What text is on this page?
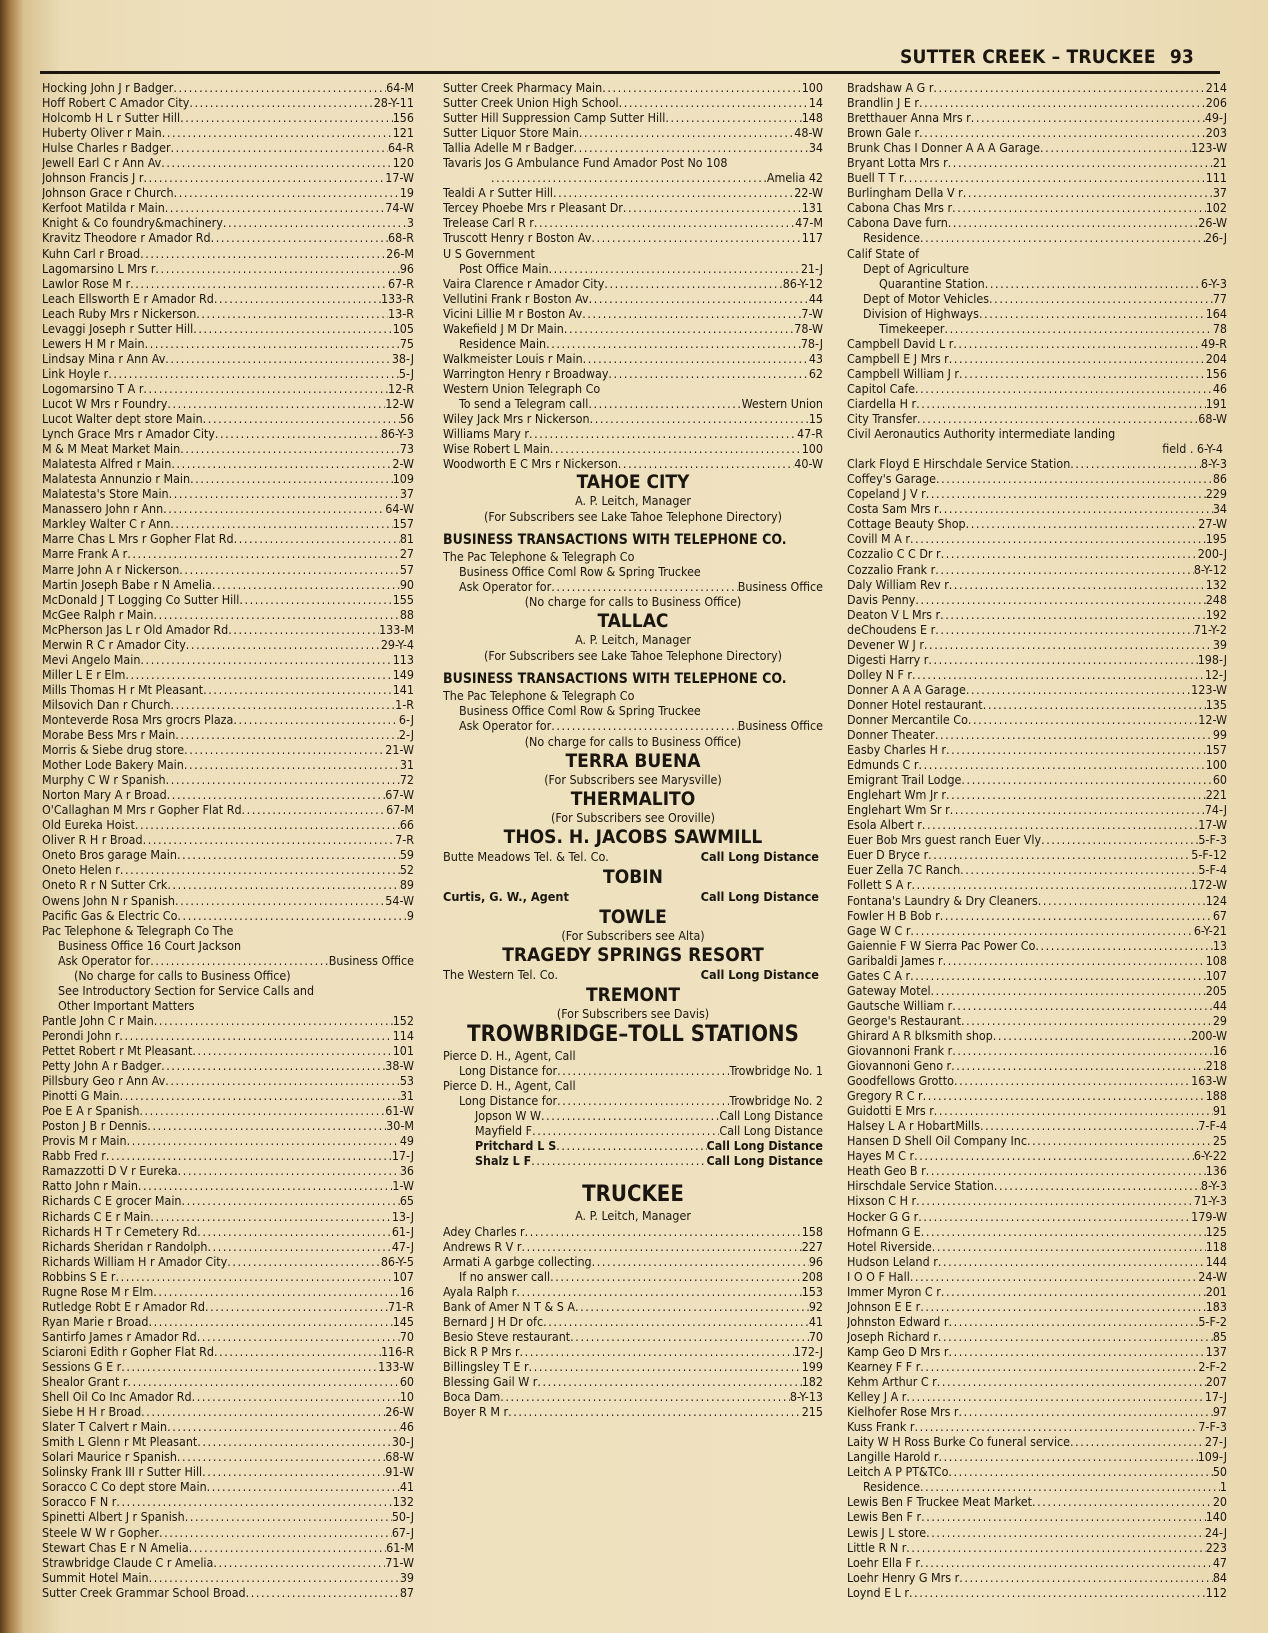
SUTTER CREEK – TRUCKEE 93
Hocking John J r Badger .....	64-M
Hoff Robert C Amador City .....	28-Y-11
Holcomb H L r Sutter Hill .....	156
Huberty Oliver r Main .....	121
Hulse Charles r Badger .....	64-R
Jewell Earl C r Ann Av .....	120
Johnson Francis J r .....	17-W
Johnson Grace r Church .....	19
Kerfoot Matilda r Main .....	74-W
Knight & Co foundry&machinery .....	3
Kravitz Theodore r Amador Rd .....	68-R
Kuhn Carl r Broad .....	26-M
Lagomarsino L Mrs r .....	96
Lawlor Rose M r .....	67-R
Leach Ellsworth E r Amador Rd .....	133-R
Leach Ruby Mrs r Nickerson .....	13-R
Levaggi Joseph r Sutter Hill .....	105
Lewers H M r Main .....	75
Lindsay Mina r Ann Av .....	38-J
Link Hoyle r .....	5-J
Logomarsino T A r .....	12-R
Lucot W Mrs r Foundry .....	12-W
Lucot Walter dept store Main .....	56
Lynch Grace Mrs r Amador City .....	86-Y-3
M & M Meat Market Main .....	73
Malatesta Alfred r Main .....	2-W
Malatesta Annunzio r Main .....	109
Malatesta's Store Main .....	37
Manassero John r Ann .....	64-W
Markley Walter C r Ann .....	157
Marre Chas L Mrs r Gopher Flat Rd .....	81
Marre Frank A r .....	27
Marre John A r Nickerson .....	57
Martin Joseph Babe r N Amelia .....	90
McDonald J T Logging Co Sutter Hill .....	155
McGee Ralph r Main .....	88
McPherson Jas L r Old Amador Rd .....	133-M
Merwin R C r Amador City .....	29-Y-4
Mevi Angelo Main .....	113
Miller L E r Elm .....	149
Mills Thomas H r Mt Pleasant .....	141
Milsovich Dan r Church .....	1-R
Monteverde Rosa Mrs grocrs Plaza .....	6-J
Morabe Bess Mrs r Main .....	2-J
Morris & Siebe drug store .....	21-W
Mother Lode Bakery Main .....	31
Murphy C W r Spanish .....	72
Norton Mary A r Broad .....	67-W
O'Callaghan M Mrs r Gopher Flat Rd .....	67-M
Old Eureka Hoist .....	66
Oliver R H r Broad .....	7-R
Oneto Bros garage Main .....	59
Oneto Helen r .....	52
Oneto R r N Sutter Crk .....	89
Owens John N r Spanish .....	54-W
Pacific Gas & Electric Co .....	9
Pac Telephone & Telegraph Co The
Business Office 16 Court Jackson
Ask Operator for .....	Business Office
(No charge for calls to Business Office)
See Introductory Section for Service Calls and
Other Important Matters
Pantle John C r Main .....	152
Perondi John r .....	114
Pettet Robert r Mt Pleasant .....	101
Petty John A r Badger .....	38-W
Pillsbury Geo r Ann Av .....	53
Pinotti G Main .....	31
Poe E A r Spanish .....	61-W
Poston J B r Dennis .....	30-M
Provis M r Main .....	49
Rabb Fred r .....	17-J
Ramazzotti D V r Eureka .....	36
Ratto John r Main .....	1-W
Richards C E grocer Main .....	65
Richards C E r Main .....	13-J
Richards H T r Cemetery Rd .....	61-J
Richards Sheridan r Randolph .....	47-J
Richards William H r Amador City .....	86-Y-5
Robbins S E r .....	107
Rugne Rose M r Elm .....	16
Rutledge Robt E r Amador Rd .....	71-R
Ryan Marie r Broad .....	145
Santirfo James r Amador Rd .....	70
Sciaroni Edith r Gopher Flat Rd .....	116-R
Sessions G E r .....	133-W
Shealor Grant r .....	60
Shell Oil Co Inc Amador Rd .....	10
Siebe H H r Broad .....	26-W
Slater T Calvert r Main .....	46
Smith L Glenn r Mt Pleasant .....	30-J
Solari Maurice r Spanish .....	68-W
Solinsky Frank III r Sutter Hill .....	91-W
Soracco C Co dept store Main .....	41
Soracco F N r .....	132
Spinetti Albert J r Spanish .....	50-J
Steele W W r Gopher .....	67-J
Stewart Chas E r N Amelia .....	61-M
Strawbridge Claude C r Amelia .....	71-W
Summit Hotel Main .....	39
Sutter Creek Grammar School Broad .....	87
Sutter Creek Pharmacy Main .....	100
Sutter Creek Union High School .....	14
Sutter Hill Suppression Camp Sutter Hill .....	148
Sutter Liquor Store Main .....	48-W
Tallia Adelle M r Badger .....	34
Tavaris Jos G Ambulance Fund Amador Post No 108
.....
Amelia 42
Tealdi A r Sutter Hill .....	22-W
Tercey Phoebe Mrs r Pleasant Dr .....	131
Trelease Carl R r .....	47-M
Truscott Henry r Boston Av .....	117
U S Government
Post Office Main .....	21-J
Vaira Clarence r Amador City .....	86-Y-12
Vellutini Frank r Boston Av .....	44
Vicini Lillie M r Boston Av .....	7-W
Wakefield J M Dr Main .....	78-W
Residence Main .....	78-J
Walkmeister Louis r Main .....	43
Warrington Henry r Broadway .....	62
Western Union Telegraph Co
To send a Telegram call .....	Western Union
Wiley Jack Mrs r Nickerson .....	15
Williams Mary r .....	47-R
Wise Robert L Main .....	100
Woodworth E C Mrs r Nickerson .....	40-W
TAHOE CITY
A. P. Leitch, Manager
(For Subscribers see Lake Tahoe Telephone Directory)
BUSINESS TRANSACTIONS WITH TELEPHONE CO.
The Pac Telephone & Telegraph Co
Business Office Coml Row & Spring Truckee
Ask Operator for .....	Business Office
(No charge for calls to Business Office)
TALLAC
A. P. Leitch, Manager
(For Subscribers see Lake Tahoe Telephone Directory)
BUSINESS TRANSACTIONS WITH TELEPHONE CO.
The Pac Telephone & Telegraph Co
Business Office Coml Row & Spring Truckee
Ask Operator for .....	Business Office
(No charge for calls to Business Office)
TERRA BUENA
(For Subscribers see Marysville)
THERMALITO
(For Subscribers see Oroville)
THOS. H. JACOBS SAWMILL
Butte Meadows Tel. & Tel. Co.	Call Long Distance
TOBIN
Curtis, G. W., Agent	Call Long Distance
TOWLE
(For Subscribers see Alta)
TRAGEDY SPRINGS RESORT
The Western Tel. Co.	Call Long Distance
TREMONT
(For Subscribers see Davis)
TROWBRIDGE–TOLL STATIONS
Pierce D. H., Agent, Call
Long Distance for .....	Trowbridge No. 1
Pierce D. H., Agent, Call
Long Distance for .....	Trowbridge No. 2
Jopson W W .....	Call Long Distance
Mayfield F .....	Call Long Distance
Pritchard L S .....	Call Long Distance
Shalz L F .....	Call Long Distance
TRUCKEE
A. P. Leitch, Manager
Adey Charles r .....	158
Andrews R V r .....	227
Armati A garbge collecting .....	96
If no answer call .....	208
Ayala Ralph r .....	153
Bank of Amer N T & S A .....	92
Bernard J H Dr ofc .....	41
Besio Steve restaurant .....	70
Bick R P Mrs r .....	172-J
Billingsley T E r .....	199
Blessing Gail W r .....	182
Boca Dam .....	8-Y-13
Boyer R M r .....	215
Bradshaw A G r .....	214
Brandlin J E r .....	206
Bretthauer Anna Mrs r .....	49-J
Brown Gale r .....	203
Brunk Chas I Donner A A A Garage .....	123-W
Bryant Lotta Mrs r .....	21
Buell T T r .....	111
Burlingham Della V r .....	37
Cabona Chas Mrs r .....	102
Cabona Dave furn .....	26-W
Residence .....	26-J
Calif State of
Dept of Agriculture
Quarantine Station .....	6-Y-3
Dept of Motor Vehicles .....	77
Division of Highways .....	164
Timekeeper .....	78
Campbell David L r .....	49-R
Campbell E J Mrs r .....	204
Campbell William J r .....	156
Capitol Cafe .....	46
Ciardella H r .....	191
City Transfer .....	68-W
Civil Aeronautics Authority intermediate landing
field . 6-Y-4
Clark Floyd E Hirschdale Service Station .....	8-Y-3
Coffey's Garage .....	86
Copeland J V r .....	229
Costa Sam Mrs r .....	34
Cottage Beauty Shop .....	27-W
Covill M A r .....	195
Cozzalio C C Dr r .....	200-J
Cozzalio Frank r .....	8-Y-12
Daly William Rev r .....	132
Davis Penny .....	248
Deaton V L Mrs r .....	192
deChoudens E r .....	71-Y-2
Devener W J r .....	39
Digesti Harry r .....	198-J
Dolley N F r .....	12-J
Donner A A A Garage .....	123-W
Donner Hotel restaurant .....	135
Donner Mercantile Co .....	12-W
Donner Theater .....	99
Easby Charles H r .....	157
Edmunds C r .....	100
Emigrant Trail Lodge .....	60
Englehart Wm Jr r .....	221
Englehart Wm Sr r .....	74-J
Esola Albert r .....	17-W
Euer Bob Mrs guest ranch Euer Vly .....	5-F-3
Euer D Bryce r .....	5-F-12
Euer Zella 7C Ranch .....	5-F-4
Follett S A r .....	172-W
Fontana's Laundry & Dry Cleaners .....	124
Fowler H B Bob r .....	67
Gage W C r .....	6-Y-21
Gaiennie F W Sierra Pac Power Co .....	13
Garibaldi James r .....	108
Gates C A r .....	107
Gateway Motel .....	205
Gautsche William r .....	44
George's Restaurant .....	29
Ghirard A R blksmith shop .....	200-W
Giovannoni Frank r .....	16
Giovannoni Geno r .....	218
Goodfellows Grotto .....	163-W
Gregory R C r .....	188
Guidotti E Mrs r .....	91
Halsey L A r HobartMills .....	7-F-4
Hansen D Shell Oil Company Inc .....	25
Hayes M C r .....	6-Y-22
Heath Geo B r .....	136
Hirschdale Service Station .....	8-Y-3
Hixson C H r .....	71-Y-3
Hocker G G r .....	179-W
Hofmann G E .....	125
Hotel Riverside .....	118
Hudson Leland r .....	144
I O O F Hall .....	24-W
Immer Myron C r .....	201
Johnson E E r .....	183
Johnston Edward r .....	5-F-2
Joseph Richard r .....	85
Kamp Geo D Mrs r .....	137
Kearney F F r .....	2-F-2
Kehm Arthur C r .....	207
Kelley J A r .....	17-J
Kielhofer Rose Mrs r .....	97
Kuss Frank r .....	7-F-3
Laity W H Ross Burke Co funeral service .....	27-J
Langille Harold r .....	109-J
Leitch A P PT&TCo .....	50
Residence .....	1
Lewis Ben F Truckee Meat Market .....	20
Lewis Ben F r .....	140
Lewis J L store .....	24-J
Little R N r .....	223
Loehr Ella F r .....	47
Loehr Henry G Mrs r .....	84
Loynd E L r .....	112
